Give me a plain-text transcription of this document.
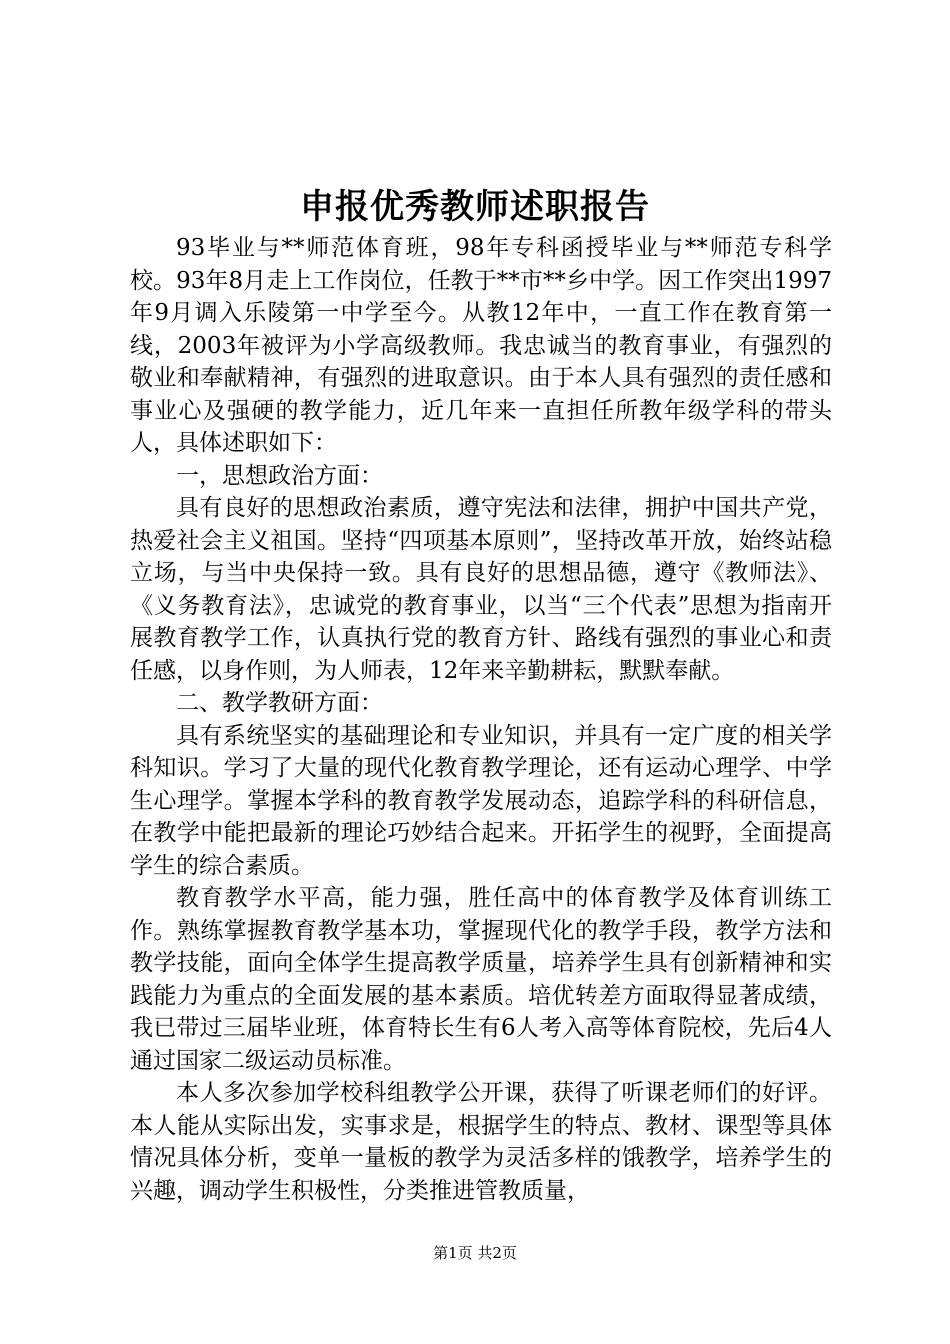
申报优秀教师述职报告

93毕业与**师范体育班，98年专科函授毕业与**师范专科学校。93年8月走上工作岗位，任教于**市**乡中学。因工作突出1997年9月调入乐陵第一中学至今。从教12年中，一直工作在教育第一线，2003年被评为小学高级教师。我忠诚当的教育事业，有强烈的敬业和奉献精神，有强烈的进取意识。由于本人具有强烈的责任感和事业心及强硬的教学能力，近几年来一直担任所教年级学科的带头人，具体述职如下：

一，思想政治方面：

具有良好的思想政治素质，遵守宪法和法律，拥护中国共产党，热爱社会主义祖国。坚持“四项基本原则”，坚持改革开放，始终站稳立场，与当中央保持一致。具有良好的思想品德，遵守《教师法》、《义务教育法》，忠诚党的教育事业，以当“三个代表”思想为指南开展教育教学工作，认真执行党的教育方针、路线有强烈的事业心和责任感，以身作则，为人师表，12年来辛勤耕耘，默默奉献。

二、教学教研方面：

具有系统坚实的基础理论和专业知识，并具有一定广度的相关学科知识。学习了大量的现代化教育教学理论，还有运动心理学、中学生心理学。掌握本学科的教育教学发展动态，追踪学科的科研信息，在教学中能把最新的理论巧妙结合起来。开拓学生的视野，全面提高学生的综合素质。

教育教学水平高，能力强，胜任高中的体育教学及体育训练工作。熟练掌握教育教学基本功，掌握现代化的教学手段，教学方法和教学技能，面向全体学生提高教学质量，培养学生具有创新精神和实践能力为重点的全面发展的基本素质。培优转差方面取得显著成绩，我已带过三届毕业班，体育特长生有6人考入高等体育院校，先后4人通过国家二级运动员标准。

本人多次参加学校科组教学公开课，获得了听课老师们的好评。本人能从实际出发，实事求是，根据学生的特点、教材、课型等具体情况具体分析，变单一量板的教学为灵活多样的饿教学，培养学生的兴趣，调动学生积极性，分类推进管教质量，

第1页 共2页
